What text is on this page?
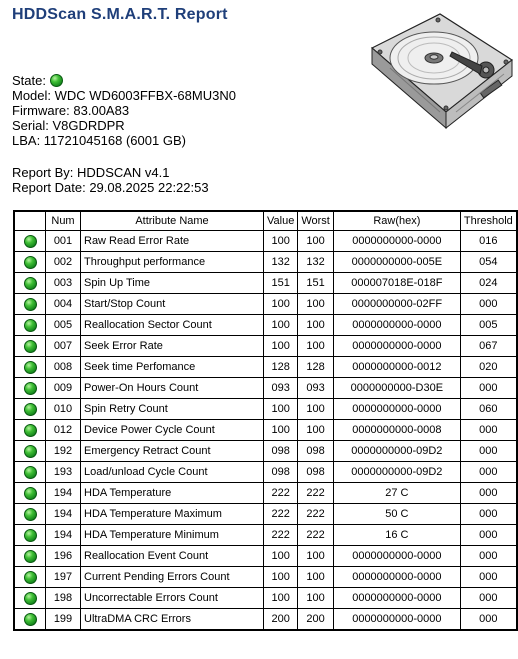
HDDScan S.M.A.R.T. Report
State:
Model: WDC WD6003FFBX-68MU3N0
Firmware: 83.00A83
Serial: V8GDRDPR
LBA: 11721045168 (6001 GB)
Report By: HDDSCAN v4.1
Report Date: 29.08.2025 22:22:53
	Num	Attribute Name	Value	Worst	Raw(hex)	Threshold
	001	Raw Read Error Rate	100	100	0000000000-0000	016
	002	Throughput performance	132	132	0000000000-005E	054
	003	Spin Up Time	151	151	000007018E-018F	024
	004	Start/Stop Count	100	100	0000000000-02FF	000
	005	Reallocation Sector Count	100	100	0000000000-0000	005
	007	Seek Error Rate	100	100	0000000000-0000	067
	008	Seek time Perfomance	128	128	0000000000-0012	020
	009	Power-On Hours Count	093	093	0000000000-D30E	000
	010	Spin Retry Count	100	100	0000000000-0000	060
	012	Device Power Cycle Count	100	100	0000000000-0008	000
	192	Emergency Retract Count	098	098	0000000000-09D2	000
	193	Load/unload Cycle Count	098	098	0000000000-09D2	000
	194	HDA Temperature	222	222	27 C	000
	194	HDA Temperature Maximum	222	222	50 C	000
	194	HDA Temperature Minimum	222	222	16 C	000
	196	Reallocation Event Count	100	100	0000000000-0000	000
	197	Current Pending Errors Count	100	100	0000000000-0000	000
	198	Uncorrectable Errors Count	100	100	0000000000-0000	000
	199	UltraDMA CRC Errors	200	200	0000000000-0000	000
